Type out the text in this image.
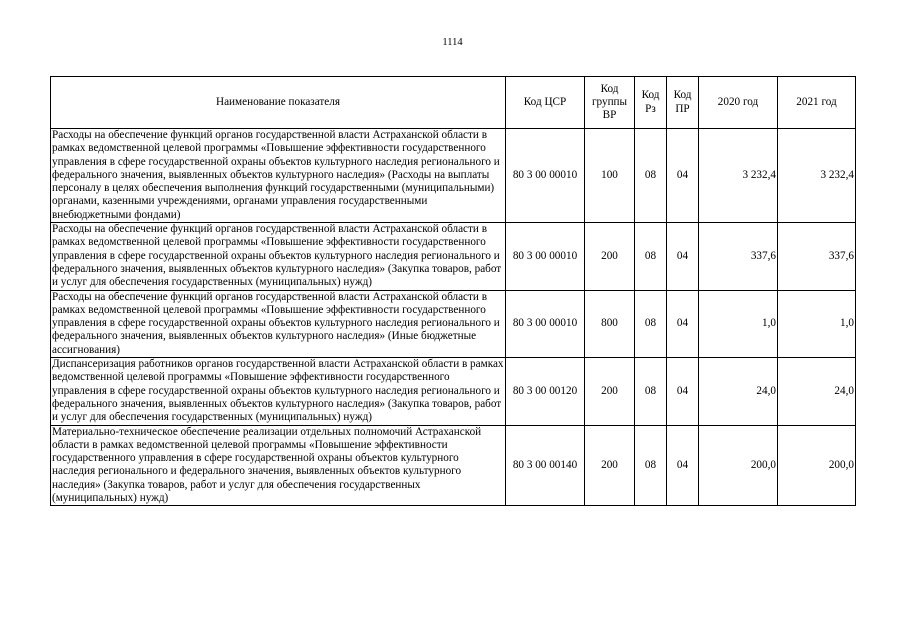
1114
Наименование показателя	Код ЦСР	Код группы ВР	Код Рз	Код ПР	2020 год	2021 год
Расходы на обеспечение функций органов государственной власти Астраханской области в рамках ведомственной целевой программы «Повышение эффективности государственного управления в сфере государственной охраны объектов культурного наследия регионального и федерального значения, выявленных объектов культурного наследия» (Расходы на выплаты персоналу в целях обеспечения выполнения функций государственными (муниципальными) органами, казенными учреждениями, органами управления государственными внебюджетными фондами)	80 3 00 00010	100	08	04	3 232,4	3 232,4
Расходы на обеспечение функций органов государственной власти Астраханской области в рамках ведомственной целевой программы «Повышение эффективности государственного управления в сфере государственной охраны объектов культурного наследия регионального и федерального значения, выявленных объектов культурного наследия» (Закупка товаров, работ и услуг для обеспечения государственных (муниципальных) нужд)	80 3 00 00010	200	08	04	337,6	337,6
Расходы на обеспечение функций органов государственной власти Астраханской области в рамках ведомственной целевой программы «Повышение эффективности государственного управления в сфере государственной охраны объектов культурного наследия регионального и федерального значения, выявленных объектов культурного наследия» (Иные бюджетные ассигнования)	80 3 00 00010	800	08	04	1,0	1,0
Диспансеризация работников органов государственной власти Астраханской области в рамках ведомственной целевой программы «Повышение эффективности государственного управления в сфере государственной охраны объектов культурного наследия регионального и федерального значения, выявленных объектов культурного наследия» (Закупка товаров, работ и услуг для обеспечения государственных (муниципальных) нужд)	80 3 00 00120	200	08	04	24,0	24,0
Материально-техническое обеспечение реализации отдельных полномочий Астраханской области в рамках ведомственной целевой программы «Повышение эффективности государственного управления в сфере государственной охраны объектов культурного наследия регионального и федерального значения, выявленных объектов культурного наследия» (Закупка товаров, работ и услуг для обеспечения государственных (муниципальных) нужд)	80 3 00 00140	200	08	04	200,0	200,0
